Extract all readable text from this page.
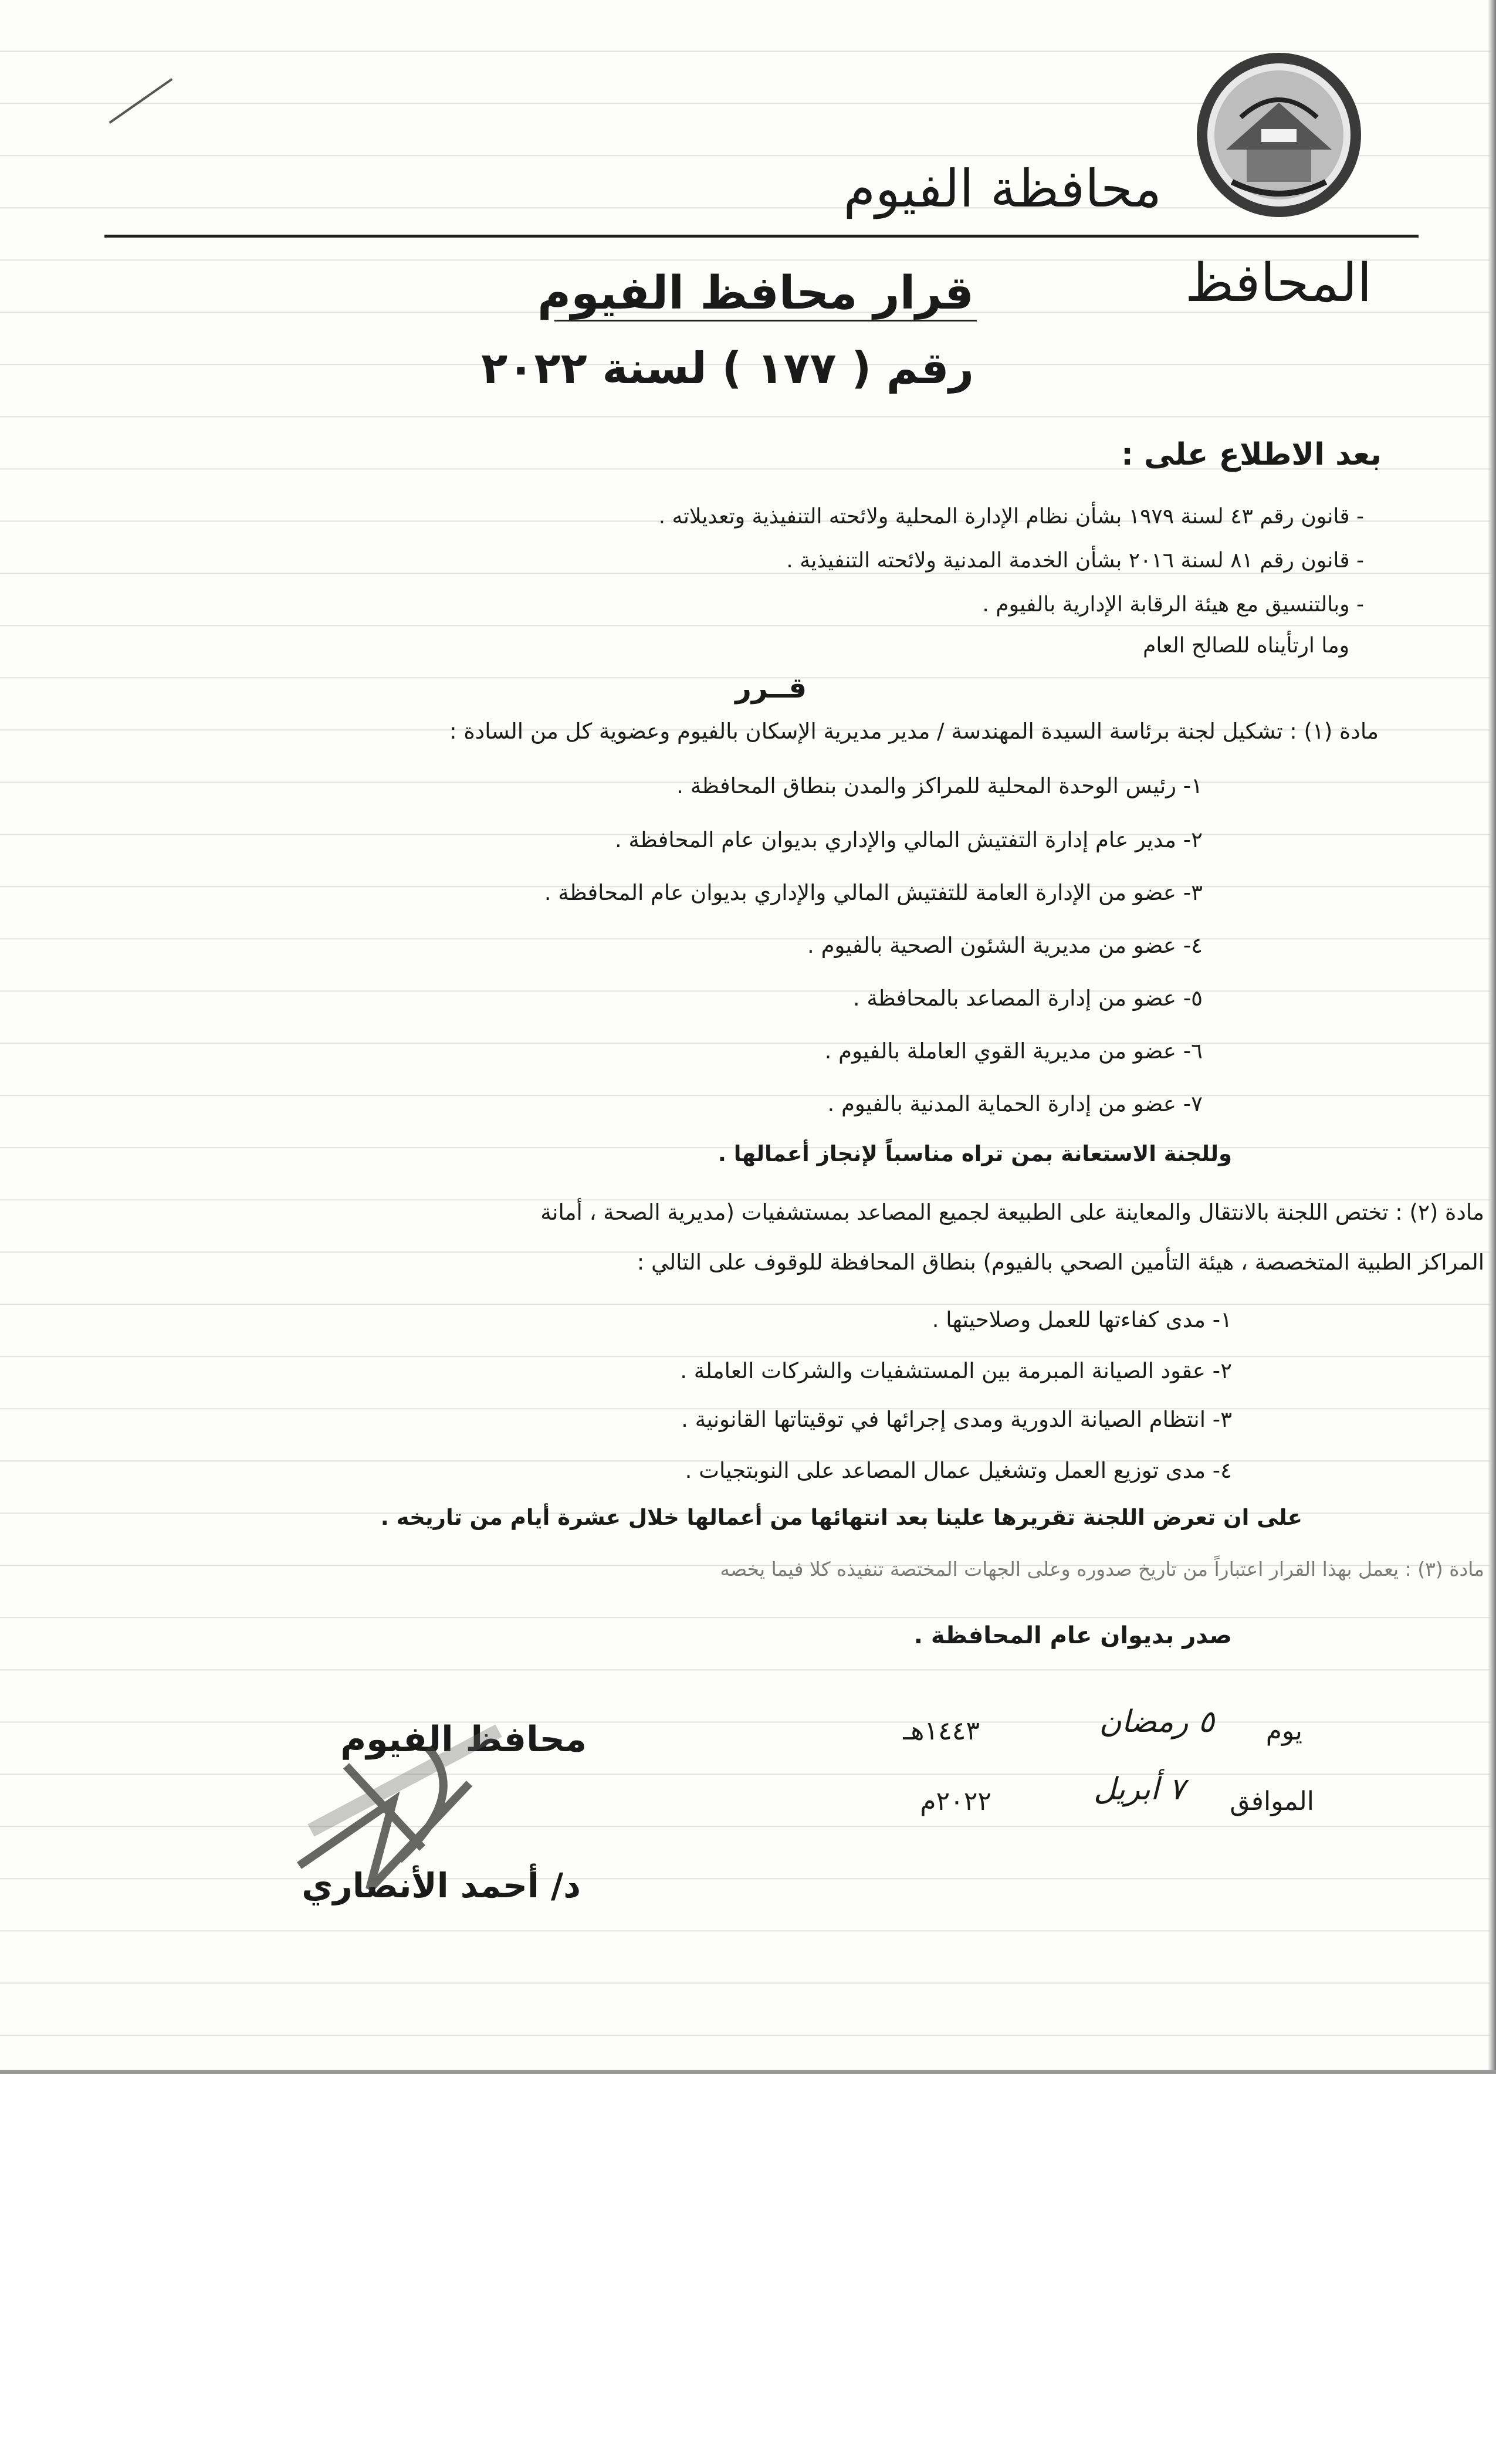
محافظة الفيوم
المحافظ
قرار محافظ الفيوم
رقم ( ١٧٧ ) لسنة ٢٠٢٢
بعد الاطلاع على :
- قانون رقم ٤٣ لسنة ١٩٧٩ بشأن نظام الإدارة المحلية ولائحته التنفيذية وتعديلاته .
- قانون رقم ٨١ لسنة ٢٠١٦ بشأن الخدمة المدنية ولائحته التنفيذية .
- وبالتنسيق مع هيئة الرقابة الإدارية بالفيوم .
وما ارتأيناه للصالح العام
قــرر
مادة (١) : تشكيل لجنة برئاسة السيدة المهندسة / مدير مديرية الإسكان بالفيوم وعضوية كل من السادة :
١- رئيس الوحدة المحلية للمراكز والمدن بنطاق المحافظة .
٢- مدير عام إدارة التفتيش المالي والإداري بديوان عام المحافظة .
٣- عضو من الإدارة العامة للتفتيش المالي والإداري بديوان عام المحافظة .
٤- عضو من مديرية الشئون الصحية بالفيوم .
٥- عضو من إدارة المصاعد بالمحافظة .
٦- عضو من مديرية القوي العاملة بالفيوم .
٧- عضو من إدارة الحماية المدنية بالفيوم .
وللجنة الاستعانة بمن تراه مناسباً لإنجاز أعمالها .
مادة (٢) : تختص اللجنة بالانتقال والمعاينة على الطبيعة لجميع المصاعد بمستشفيات (مديرية الصحة ، أمانة
المراكز الطبية المتخصصة ، هيئة التأمين الصحي بالفيوم) بنطاق المحافظة للوقوف على التالي :
١- مدى كفاءتها للعمل وصلاحيتها .
٢- عقود الصيانة المبرمة بين المستشفيات والشركات العاملة .
٣- انتظام الصيانة الدورية ومدى إجرائها في توقيتاتها القانونية .
٤- مدى توزيع العمل وتشغيل عمال المصاعد على النوبتجيات .
على ان تعرض اللجنة تقريرها علينا بعد انتهائها من أعمالها خلال عشرة أيام من تاريخه .
مادة (٣) : يعمل بهذا القرار اعتباراً من تاريخ صدوره وعلى الجهات المختصة تنفيذه كلا فيما يخصه
صدر بديوان عام المحافظة .
يوم
٥ رمضان
١٤٤٣هـ
الموافق
٧ أبريل
٢٠٢٢م
محافظ الفيوم
د/ أحمد الأنصاري
